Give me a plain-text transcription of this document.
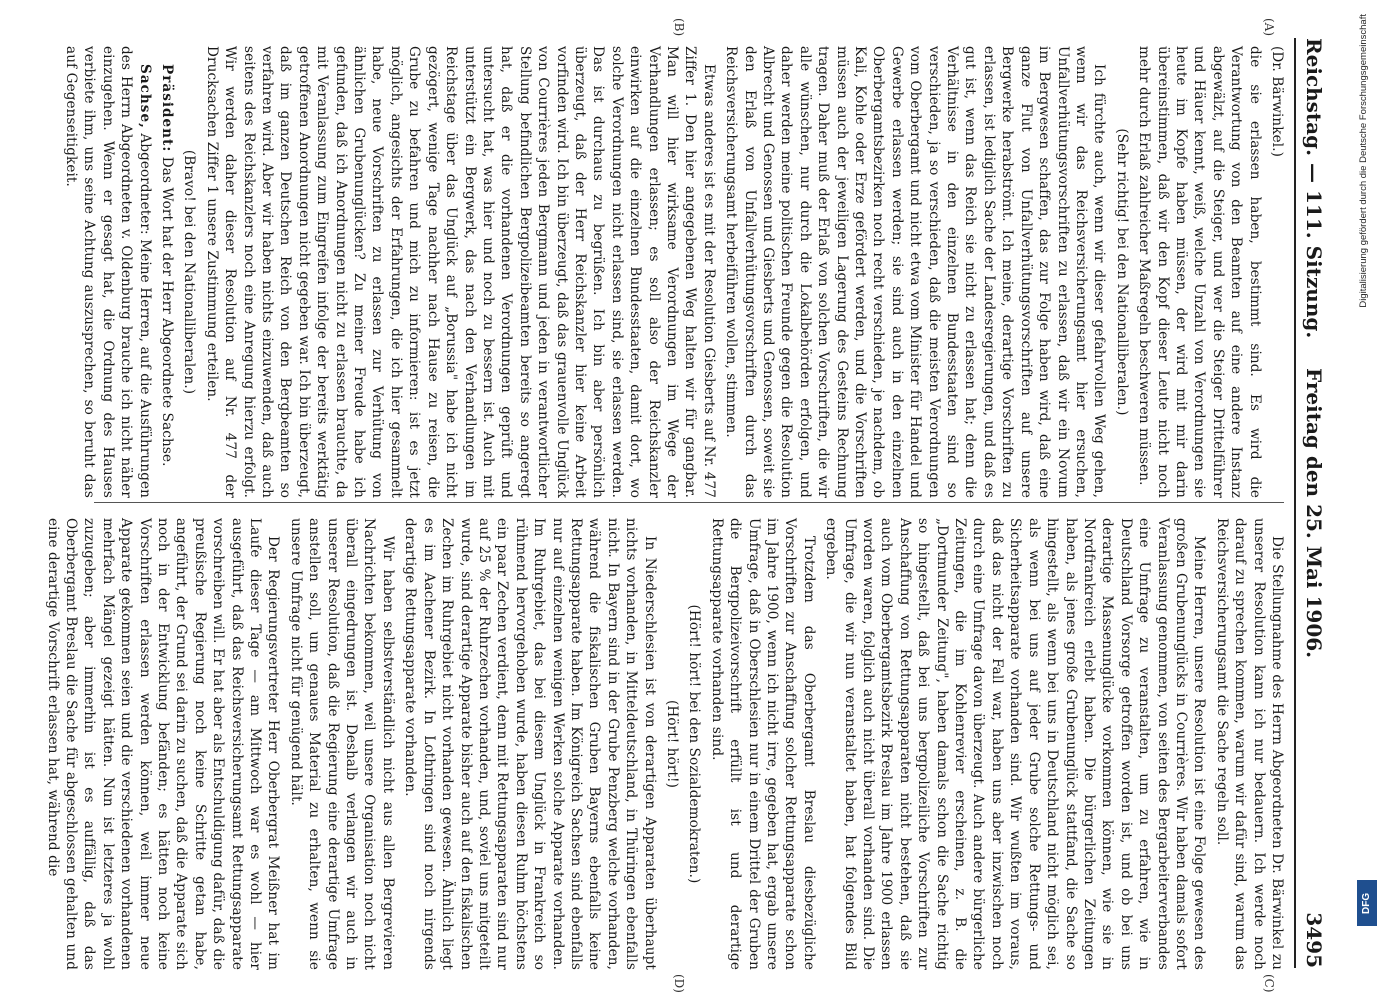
Reichstag. — 111. Sitzung.
Freitag den 25. Mai 1906.
3495
(A)
(B)
(C)
(D)

(Dr. Bärwinkel.)

die sie erlassen haben, bestimmt sind. Es wird die Verantwortung von den Beamten auf eine andere Instanz abgewälzt, auf die Steiger, und wer die Steiger Drittelführer und Häuer kennt, weiß, welche Unzahl von Verordnungen sie heute im Kopfe haben müssen, der wird mit mir darin übereinstimmen, daß wir den Kopf dieser Leute nicht noch mehr durch Erlaß zahlreicher Maßregeln beschweren müssen.

(Sehr richtig! bei den Nationalliberalen.)

Ich fürchte auch, wenn wir dieser gefahrvollen Weg gehen, wenn wir das Reichsversicherungsamt hier ersuchen, Unfallverhütungsvorschriften zu erlassen, daß wir ein Novum im Bergwesen schaffen, das zur Folge haben wird, daß eine ganze Flut von Unfallverhütungsvorschriften auf unsere Bergwerke herabströmt. Ich meine, derartige Vorschriften zu erlassen, ist lediglich Sache der Landesregierungen, und daß es gut ist, wenn das Reich sie nicht zu erlassen hat; denn die Verhältnisse in den einzelnen Bundesstaaten sind so verschieden, ja so verschieden, daß die meisten Verordnungen vom Oberbergamt und nicht etwa vom Minister für Handel und Gewerbe erlassen werden; sie sind auch in den einzelnen Oberbergamtsbezirken noch recht verschieden, je nachdem, ob Kali, Kohle oder Erze gefördert werden, und die Vorschriften müssen auch der jeweiligen Lagerung des Gesteins Rechnung tragen. Daher muß der Erlaß von solchen Vorschriften, die wir alle wünschen, nur durch die Lokalbehörden erfolgen, und daher werden meine politischen Freunde gegen die Resolution Albrecht und Genossen und Giesberts und Genossen, soweit sie den Erlaß von Unfallverhütungsvorschriften durch das Reichsversicherungsamt herbeiführen wollen, stimmen.

Etwas anderes ist es mit der Resolution Giesberts auf Nr. 477 Ziffer 1. Den hier angegebenen Weg halten wir für gangbar. Man will hier wirksame Verordnungen im Wege der Verhandlungen erlassen; es soll also der Reichskanzler einwirken auf die einzelnen Bundesstaaten, damit dort, wo solche Verordnungen nicht erlassen sind, sie erlassen werden. Das ist durchaus zu begrüßen. Ich bin aber persönlich überzeugt, daß der Herr Reichskanzler hier keine Arbeit vorfinden wird. Ich bin überzeugt, daß das grauenvolle Unglück von Courrières jeden Bergmann und jeden in verantwortlicher Stellung befindlichen Bergpolizeibeamten bereits so angeregt hat, daß er die vorhandenen Verordnungen geprüft und untersucht hat, was hier und noch zu bessern ist. Auch mit unterstützt ein Bergwerk, das nach den Verhandlungen im Reichstage über das Unglück auf „Borussia" habe ich nicht gezögert, wenige Tage nachher nach Hause zu reisen, die Grube zu befahren und mich zu informieren: ist es jetzt möglich, angesichts der Erfahrungen, die ich hier gesammelt habe, neue Vorschriften zu erlassen zur Verhütung von ähnlichen Grubenunglücken? Zu meiner Freude habe ich gefunden, daß ich Anordnungen nicht zu erlassen brauchte, da mit Veranlassung zum Eingreifen infolge der bereits werktätig getroffenen Anordnungen nicht gegeben war. Ich bin überzeugt, daß im ganzen Deutschen Reich von den Bergbeamten so verfahren wird. Aber wir haben nichts einzuwenden, daß auch seitens des Reichskanzlers noch eine Anregung hierzu erfolgt. Wir werden daher dieser Resolution auf Nr. 477 der Drucksachen Ziffer 1 unsere Zustimmung erteilen.

(Bravo! bei den Nationalliberalen.)

Präsident: Das Wort hat der Herr Abgeordnete Sachse.

Sachse, Abgeordneter: Meine Herren, auf die Ausführungen des Herrn Abgeordneten v. Oldenburg brauche ich nicht näher einzugehen. Wenn er gesagt hat, die Ordnung des Hauses verbiete ihm, uns seine Achtung auszusprechen, so beruht das auf Gegenseitigkeit.

Die Stellungnahme des Herrn Abgeordneten Dr. Bärwinkel zu unserer Resolution kann ich nur bedauern. Ich werde noch darauf zu sprechen kommen, warum wir dafür sind, warum das Reichsversicherungsamt die Sache regeln soll.

Meine Herren, unsere Resolution ist eine Folge gewesen des großen Grubenunglücks in Courrières. Wir haben damals sofort Veranlassung genommen, von seiten des Bergarbeiterverbandes eine Umfrage zu veranstalten, um zu erfahren, wie in Deutschland Vorsorge getroffen worden ist, und ob bei uns derartige Massenunglücke vorkommen können, wie sie in Nordfrankreich erlebt haben. Die bürgerlichen Zeitungen haben, als jenes große Grubenunglück stattfand, die Sache so hingestellt, als wenn bei uns in Deutschland nicht möglich sei, als wenn bei uns auf jeder Grube solche Rettungs- und Sicherheitsapparate vorhanden sind. Wir wußten im voraus, daß das nicht der Fall war, haben uns aber inzwischen noch durch eine Umfrage davon überzeugt. Auch andere bürgerliche Zeitungen, die im Kohlenrevier erscheinen, z. B. die „Dortmunder Zeitung", haben damals schon die Sache richtig so hingestellt, daß bei uns bergpolizeiliche Vorschriften zur Anschaffung von Rettungsapparaten nicht bestehen, daß sie auch vom Oberbergamtsbezirk Breslau im Jahre 1900 erlassen worden waren, folglich auch nicht überall vorhanden sind. Die Umfrage, die wir nun veranstaltet haben, hat folgendes Bild ergeben.

Trotzdem das Oberbergamt Breslau diesbezügliche Vorschriften zur Anschaffung solcher Rettungsapparate schon im Jahre 1900, wenn ich nicht irre, gegeben hat, ergab unsere Umfrage, daß in Oberschlesien nur in einem Drittel der Gruben die Bergpolizeivorschrift erfüllt ist und derartige Rettungsapparate vorhanden sind.

(Hört! hört! bei den Sozialdemokraten.)

(Hört! hört!)

In Niederschlesien ist von derartigen Apparaten überhaupt nichts vorhanden, in Mitteldeutschland, in Thüringen ebenfalls nicht. In Bayern sind in der Grube Penzberg welche vorhanden, während die fiskalischen Gruben Bayerns ebenfalls keine Rettungsapparate haben. Im Königreich Sachsen sind ebenfalls nur auf einzelnen wenigen Werken solche Apparate vorhanden. Im Ruhrgebiet, das bei diesem Unglück in Frankreich so rühmend hervorgehoben wurde, haben diesen Ruhm höchstens ein paar Zechen verdient, denn mit Rettungsapparaten sind nur auf 25 % der Ruhrzechen vorhanden, und, soviel uns mitgeteilt wurde, sind derartige Apparate bisher auch auf den fiskalischen Zechen im Ruhrgebiet nicht vorhanden gewesen. Ähnlich liegt es im Aachener Bezirk. In Lothringen sind noch nirgends derartige Rettungsapparate vorhanden.

Wir haben selbstverständlich nicht aus allen Bergrevieren Nachrichten bekommen, weil unsere Organisation noch nicht überall eingedrungen ist. Deshalb verlangen wir auch in unserer Resolution, daß die Regierung eine derartige Umfrage anstellen soll, um genaues Material zu erhalten, wenn sie unsere Umfrage nicht für genügend hält.

Der Regierungsvertreter Herr Oberbergrat Meißner hat im Laufe dieser Tage — am Mittwoch war es wohl — hier ausgeführt, daß das Reichsversicherungsamt Rettungsapparate vorschreiben will. Er hat aber als Entschuldigung dafür, daß die preußische Regierung noch keine Schritte getan habe, angeführt, der Grund sei darin zu suchen, daß die Apparate sich noch in der Entwicklung befänden; es hätten noch keine Vorschriften erlassen werden können, weil immer neue Apparate gekommen seien und die verschiedenen vorhandenen mehrfach Mängel gezeigt hätten. Nun ist letzteres ja wohl zuzugeben; aber immerhin ist es auffällig, daß das Oberbergamt Breslau die Sache für abgeschlossen gehalten und eine derartige Vorschrift erlassen hat, während die

Digitalisierung gefördert durch die Deutsche Forschungsgemeinschaft
DFG
